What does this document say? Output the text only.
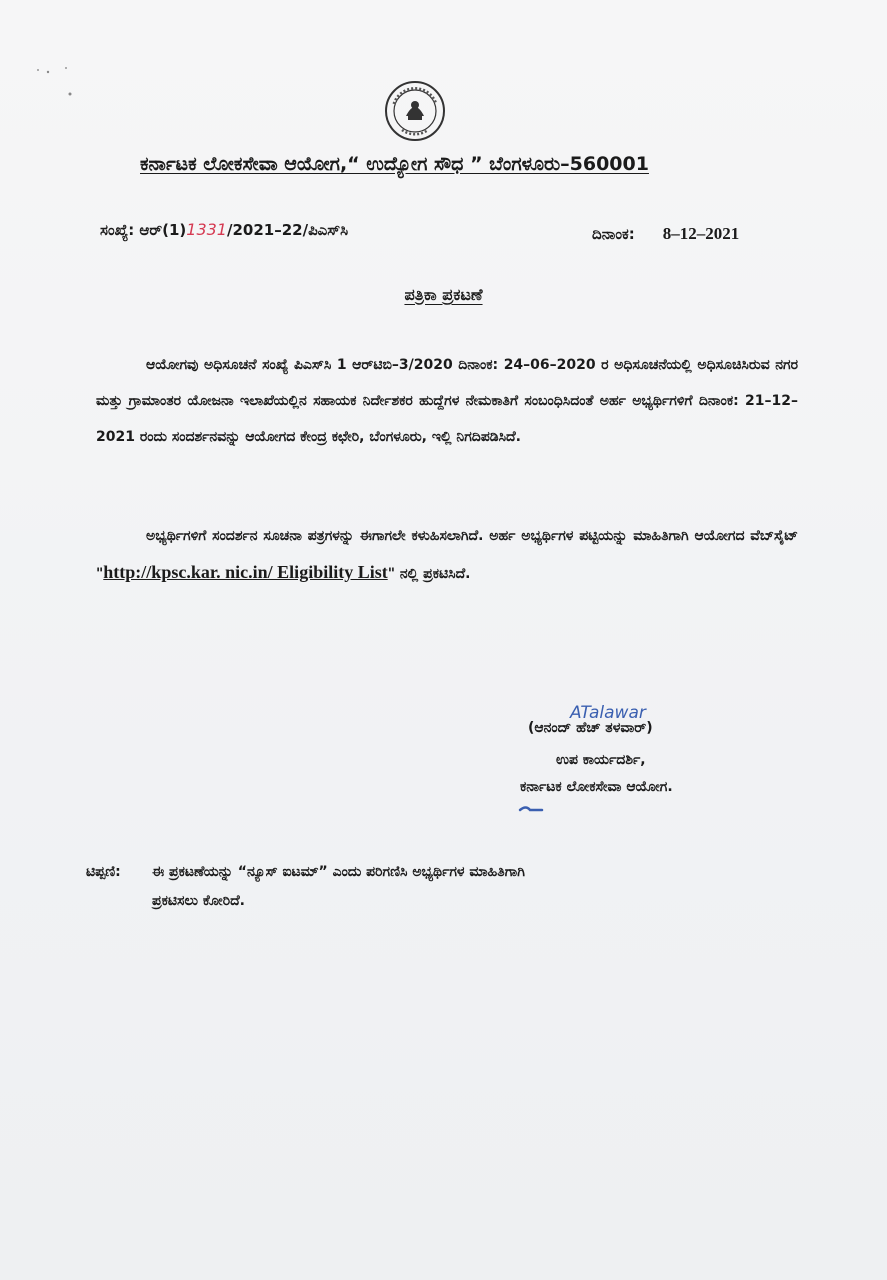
ಕರ್ನಾಟಕ ಲೋಕಸೇವಾ ಆಯೋಗ,“ ಉದ್ಯೋಗ ಸೌಧ ” ಬೆಂಗಳೂರು–560001
ಸಂಖ್ಯೆ: ಆರ್(1)1331/2021–22/ಪಿಎಸ್‌ಸಿ	ದಿನಾಂಕ: 8–12–2021
ಪತ್ರಿಕಾ ಪ್ರಕಟಣೆ
ಆಯೋಗವು ಅಧಿಸೂಚನೆ ಸಂಖ್ಯೆ ಪಿಎಸ್‌ಸಿ 1 ಆರ್‌ಟಿಬಿ–3/2020 ದಿನಾಂಕ: 24–06–2020 ರ ಅಧಿಸೂಚನೆಯಲ್ಲಿ ಅಧಿಸೂಚಿಸಿರುವ ನಗರ ಮತ್ತು ಗ್ರಾಮಾಂತರ ಯೋಜನಾ ಇಲಾಖೆಯಲ್ಲಿನ ಸಹಾಯಕ ನಿರ್ದೇಶಕರ ಹುದ್ದೆಗಳ ನೇಮಕಾತಿಗೆ ಸಂಬಂಧಿಸಿದಂತೆ ಅರ್ಹ ಅಭ್ಯರ್ಥಿಗಳಿಗೆ ದಿನಾಂಕ: 21–12–2021 ರಂದು ಸಂದರ್ಶನವನ್ನು ಆಯೋಗದ ಕೇಂದ್ರ ಕಛೇರಿ, ಬೆಂಗಳೂರು, ಇಲ್ಲಿ ನಿಗದಿಪಡಿಸಿದೆ.
ಅಭ್ಯರ್ಥಿಗಳಿಗೆ ಸಂದರ್ಶನ ಸೂಚನಾ ಪತ್ರಗಳನ್ನು ಈಗಾಗಲೇ ಕಳುಹಿಸಲಾಗಿದೆ. ಅರ್ಹ ಅಭ್ಯರ್ಥಿಗಳ ಪಟ್ಟಿಯನ್ನು ಮಾಹಿತಿಗಾಗಿ ಆಯೋಗದ ವೆಬ್‌ಸೈಟ್ "http://kpsc.kar. nic.in/ Eligibility List" ನಲ್ಲಿ ಪ್ರಕಟಿಸಿದೆ.
ATalawar
(ಆನಂದ್ ಹೆಚ್ ತಳವಾರ್)
ಉಪ ಕಾರ್ಯದರ್ಶಿ,
ಕರ್ನಾಟಕ ಲೋಕಸೇವಾ ಆಯೋಗ.
ಟಿಪ್ಪಣಿ: ಈ ಪ್ರಕಟಣೆಯನ್ನು “ನ್ಯೂಸ್ ಐಟಮ್” ಎಂದು ಪರಿಗಣಿಸಿ ಅಭ್ಯರ್ಥಿಗಳ ಮಾಹಿತಿಗಾಗಿ
ಪ್ರಕಟಿಸಲು ಕೋರಿದೆ.
